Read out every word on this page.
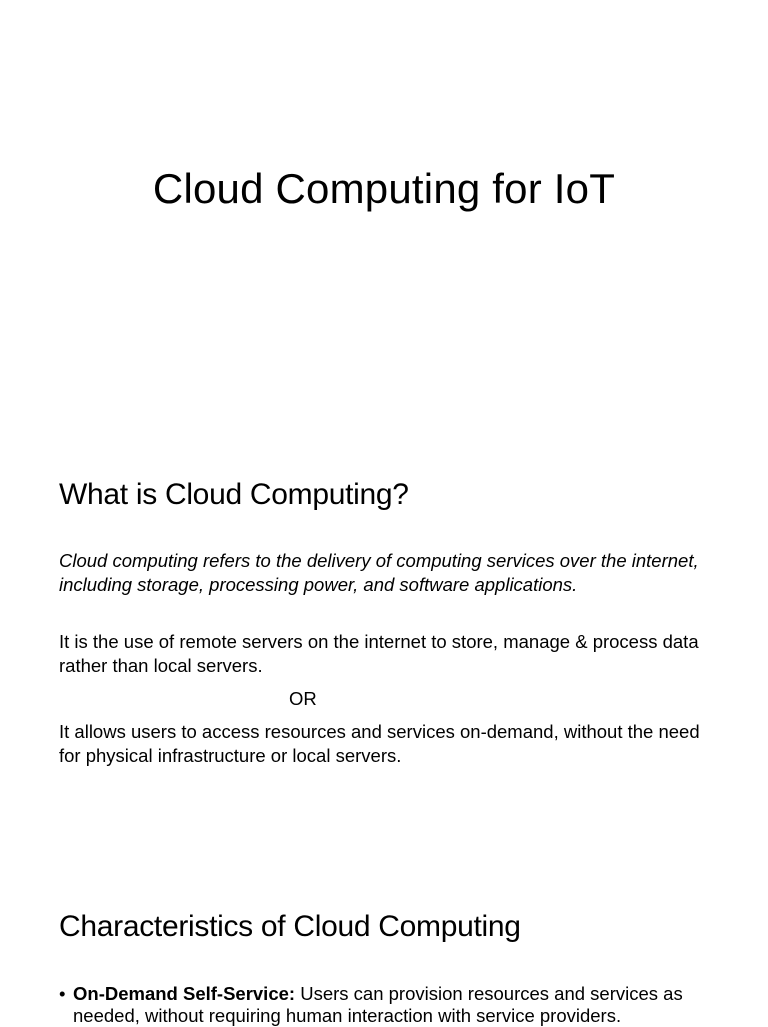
Cloud Computing for IoT
What is Cloud Computing?

Cloud computing refers to the delivery of computing services over the internet, including storage, processing power, and software applications.

It is the use of remote servers on the internet to store, manage & process data rather than local servers.

OR

It allows users to access resources and services on-demand, without the need for physical infrastructure or local servers.

Characteristics of Cloud Computing
• On-Demand Self-Service: Users can provision resources and services as needed, without requiring human interaction with service providers.
